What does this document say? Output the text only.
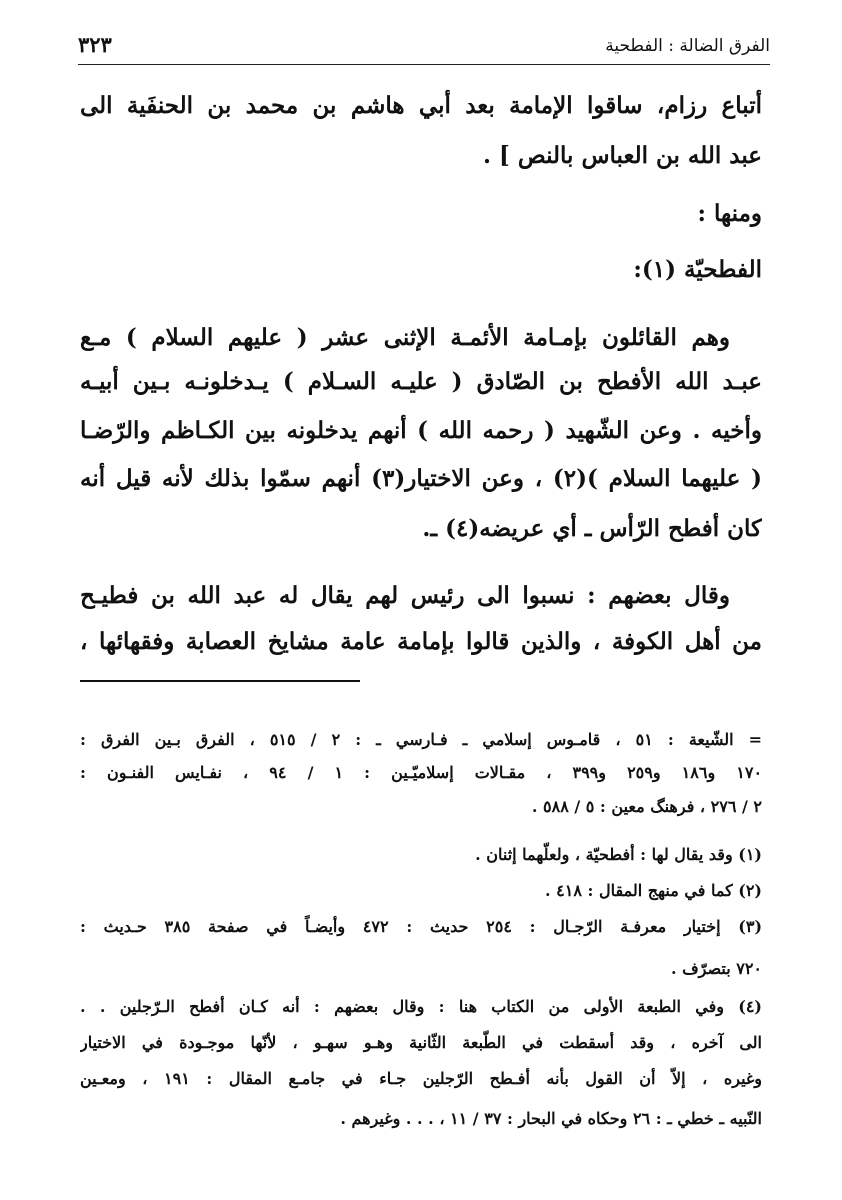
الفرق الضالة : الفطحية
٣٢٣
أتباع رزام، ساقوا الإمامة بعد أبي هاشم بن محمد بن الحنفَية الى
عبد الله بن العباس بالنص ] .
ومنها :
الفطحيّة (١):
وهم القائلون بإمـامة الأئمـة الإثنى عشر ( عليهم السلام ) مـع
عبـد الله الأفطح بن الصّادق ( عليـه السـلام ) يـدخلونـه بـين أبيـه
وأخيه . وعن الشّهيد ( رحمه الله ) أنهم يدخلونه بين الكـاظم والرّضـا
( عليهما السلام )(٢) ، وعن الاختيار(٣) أنهم سمّوا بذلك لأنه قيل أنه
كان أفطح الرّأس ـ أي عريضه(٤) ـ.
وقال بعضهم : نسبوا الى رئيس لهم يقال له عبد الله بن فطيـح
من أهل الكوفة ، والذين قالوا بإمامة عامة مشايخ العصابة وفقهائها ،
= الشّيعة : ٥١ ، قامـوس إسلامي ـ فـارسي ـ : ٢ / ٥١٥ ، الفرق بـين الفرق :
١٧٠ و١٨٦ و٢٥٩ و٣٩٩ ، مقـالات إسلاميّـين : ١ / ٩٤ ، نفـايس الفنـون :
٢ / ٢٧٦ ، فرهنگ معين : ٥ / ٥٨٨ .
(١) وقد يقال لها : أفطحيّة ، ولعلّهما إثنان .
(٢) كما في منهج المقال : ٤١٨ .
(٣) إختيار معرفـة الرّجـال : ٢٥٤ حديث : ٤٧٢ وأيضـاً في صفحة ٣٨٥ حـديث :
٧٢٠ بتصرّف .
(٤) وفي الطبعة الأولى من الكتاب هنا : وقال بعضهم : أنه كـان أفطح الـرّجلين . .
الى آخره ، وقد أسقطت في الطّبعة الثّانية وهـو سهـو ، لأنّها موجـودة في الاختيار
وغيره ، إلاّ أن القول بأنه أفـطح الرّجلين جـاء في جامـع المقال : ١٩١ ، ومعـين
النّبيه ـ خطي ـ : ٢٦ وحكاه في البحار : ٣٧ / ١١ ، . . . وغيرهم .
